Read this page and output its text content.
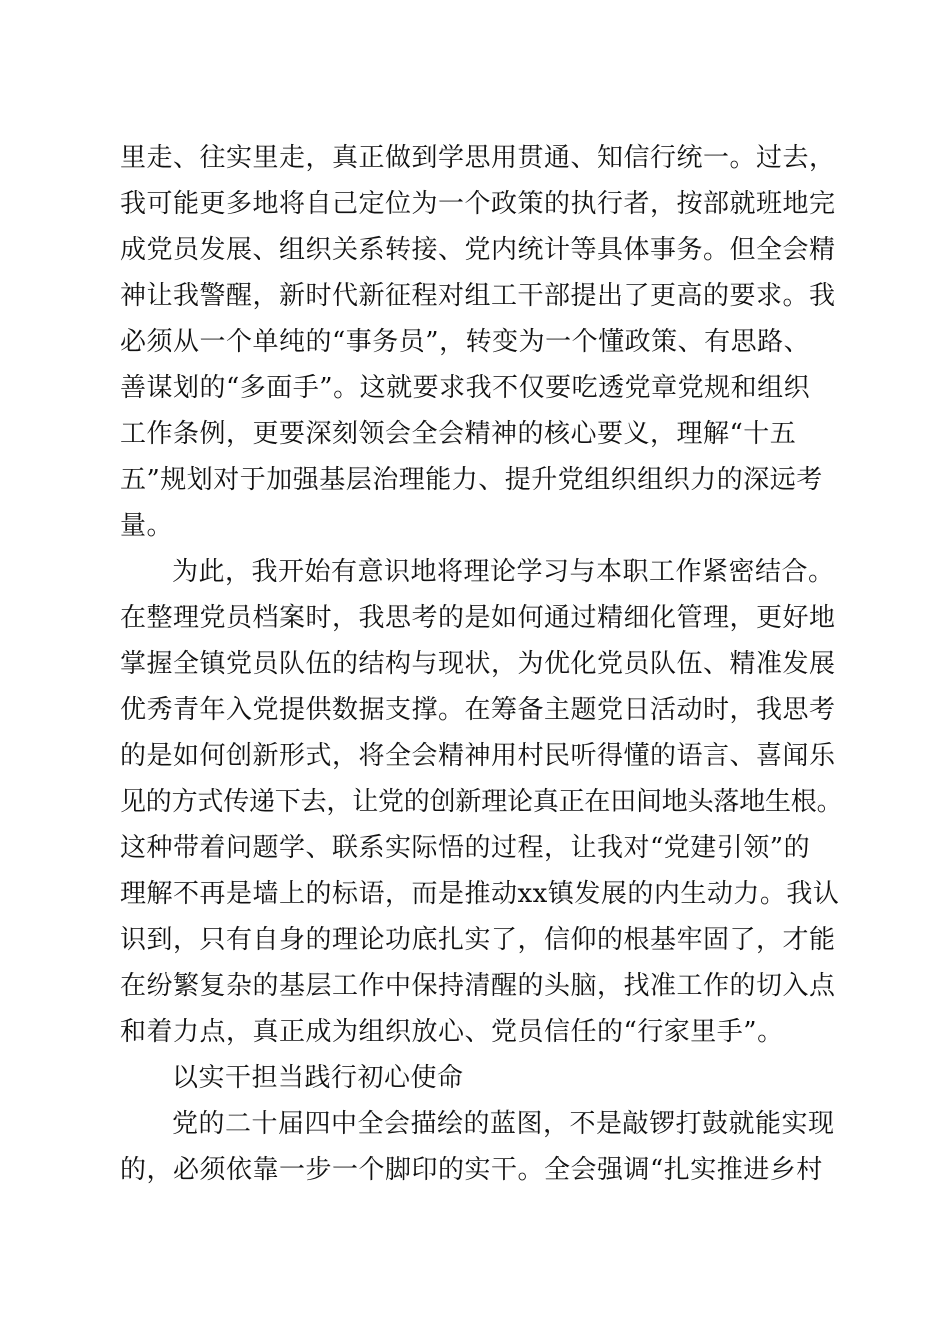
里走、往实里走，真正做到学思用贯通、知信行统一。过去，
我可能更多地将自己定位为一个政策的执行者，按部就班地完
成党员发展、组织关系转接、党内统计等具体事务。但全会精
神让我警醒，新时代新征程对组工干部提出了更高的要求。我
必须从一个单纯的“事务员”，转变为一个懂政策、有思路、
善谋划的“多面手”。这就要求我不仅要吃透党章党规和组织
工作条例，更要深刻领会全会精神的核心要义，理解“十五
五”规划对于加强基层治理能力、提升党组织组织力的深远考
量。
为此，我开始有意识地将理论学习与本职工作紧密结合。
在整理党员档案时，我思考的是如何通过精细化管理，更好地
掌握全镇党员队伍的结构与现状，为优化党员队伍、精准发展
优秀青年入党提供数据支撑。在筹备主题党日活动时，我思考
的是如何创新形式，将全会精神用村民听得懂的语言、喜闻乐
见的方式传递下去，让党的创新理论真正在田间地头落地生根。
这种带着问题学、联系实际悟的过程，让我对“党建引领”的
理解不再是墙上的标语，而是推动xx镇发展的内生动力。我认
识到，只有自身的理论功底扎实了，信仰的根基牢固了，才能
在纷繁复杂的基层工作中保持清醒的头脑，找准工作的切入点
和着力点，真正成为组织放心、党员信任的“行家里手”。
以实干担当践行初心使命
党的二十届四中全会描绘的蓝图，不是敲锣打鼓就能实现
的，必须依靠一步一个脚印的实干。全会强调“扎实推进乡村
